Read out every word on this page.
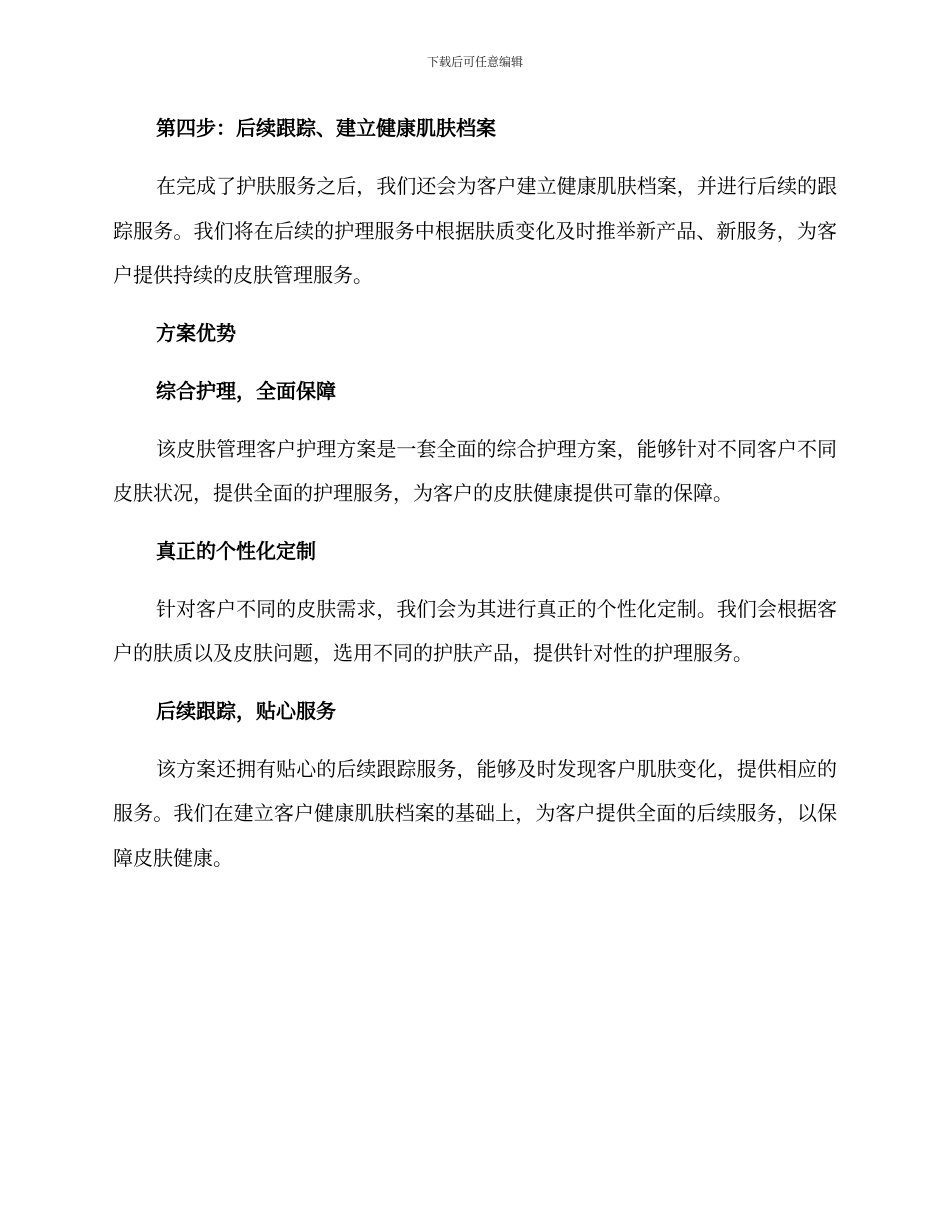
下载后可任意编辑
第四步：后续跟踪、建立健康肌肤档案

在完成了护肤服务之后，我们还会为客户建立健康肌肤档案，并进行后续的跟踪服务。我们将在后续的护理服务中根据肤质变化及时推举新产品、新服务，为客户提供持续的皮肤管理服务。

方案优势
综合护理，全面保障

该皮肤管理客户护理方案是一套全面的综合护理方案，能够针对不同客户不同皮肤状况，提供全面的护理服务，为客户的皮肤健康提供可靠的保障。

真正的个性化定制

针对客户不同的皮肤需求，我们会为其进行真正的个性化定制。我们会根据客户的肤质以及皮肤问题，选用不同的护肤产品，提供针对性的护理服务。

后续跟踪，贴心服务

该方案还拥有贴心的后续跟踪服务，能够及时发现客户肌肤变化，提供相应的服务。我们在建立客户健康肌肤档案的基础上，为客户提供全面的后续服务，以保障皮肤健康。
